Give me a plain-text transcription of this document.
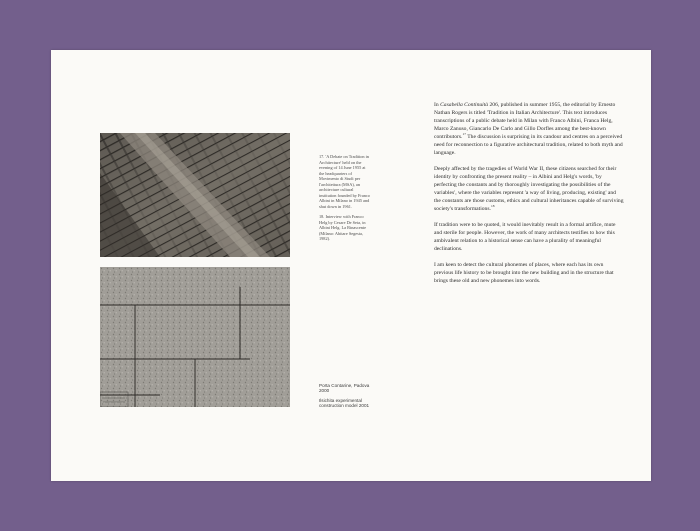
17. 'A Debate on Tradition in Architecture' held on the evening of 14 June 1955 at the headquarters of Movimento di Studi per l'architettura (MSA), an architecture cultural institution founded by Franco Albini in Milano in 1945 and shut down in 1961.

18. Interview with Franco Helg by Cesare De Seta, in Albini Helg. La Rinascente (Milano: Abitare Segesta, 1982).

Porta Contarine, Padova 2000

Ilsichita experimental construction model 2001

In Casabella Continuità 206, published in summer 1955, the editorial by Ernesto Nathan Rogers is titled 'Tradition in Italian Architecture'. This text introduces transcriptions of a public debate held in Milan with Franco Albini, Franca Helg, Marco Zanuso, Giancarlo De Carlo and Gillo Dorfles among the best-known contributors.$^{17}$ The discussion is surprising in its candour and centres on a perceived need for reconnection to a figurative architectural tradition, related to both myth and language.

Deeply affected by the tragedies of World War II, these citizens searched for their identity by confronting the present reality – in Albini and Helg's words, 'by perfecting the constants and by thoroughly investigating the possibilities of the variables', where the variables represent 'a way of living, producing, existing' and the constants are those customs, ethics and cultural inheritances capable of surviving society's transformations.$^{18}$

If tradition were to be quoted, it would inevitably result in a formal artifice, mute and sterile for people. However, the work of many architects testifies to how this ambivalent relation to a historical sense can have a plurality of meaningful declinations.

I am keen to detect the cultural phonemes of places, where each has its own previous life history to be brought into the new building and in the structure that brings these old and new phonemes into words.
